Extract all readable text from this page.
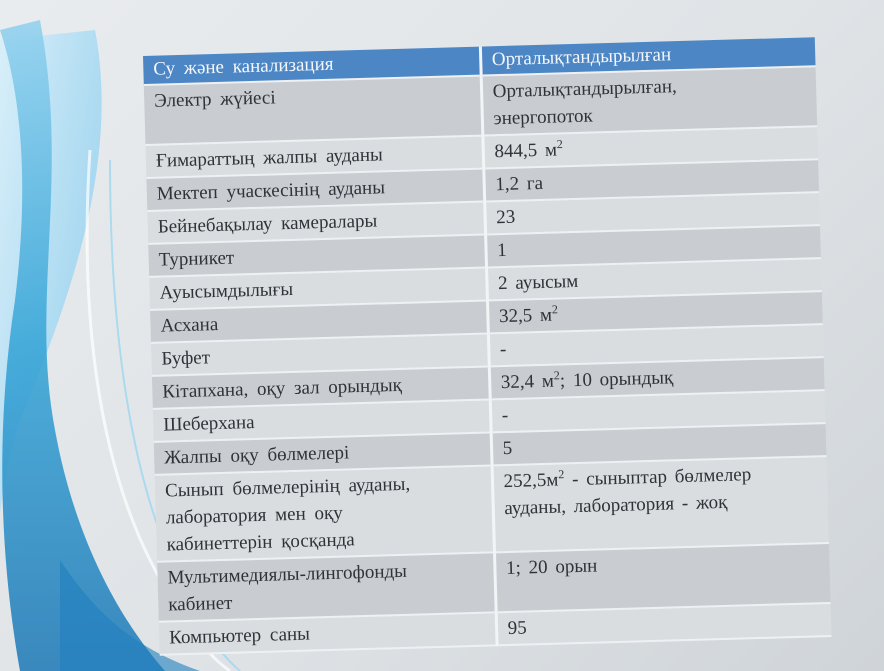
Су және канализация	Орталықтандырылған
Электр жүйесі	Орталықтандырылған,
энергопоток
Ғимараттың жалпы ауданы	844,5 $м^2$
Мектеп учаскесінің ауданы	1,2 га
Бейнебақылау камералары	23
Турникет	1
Ауысымдылығы	2 ауысым
Асхана	32,5 $м^2$
Буфет	-
Кітапхана, оқу зал орындық	32,4 $м^2$; 10 орындық
Шеберхана	-
Жалпы оқу бөлмелері	5
Сынып бөлмелерінің ауданы,
лаборатория мен оқу
кабинеттерін қосқанда	$252,5м^2$ - сыныптар бөлмелер
ауданы, лаборатория - жоқ
Мультимедиялы-лингофонды
кабинет	1; 20 орын
Компьютер саны	95
